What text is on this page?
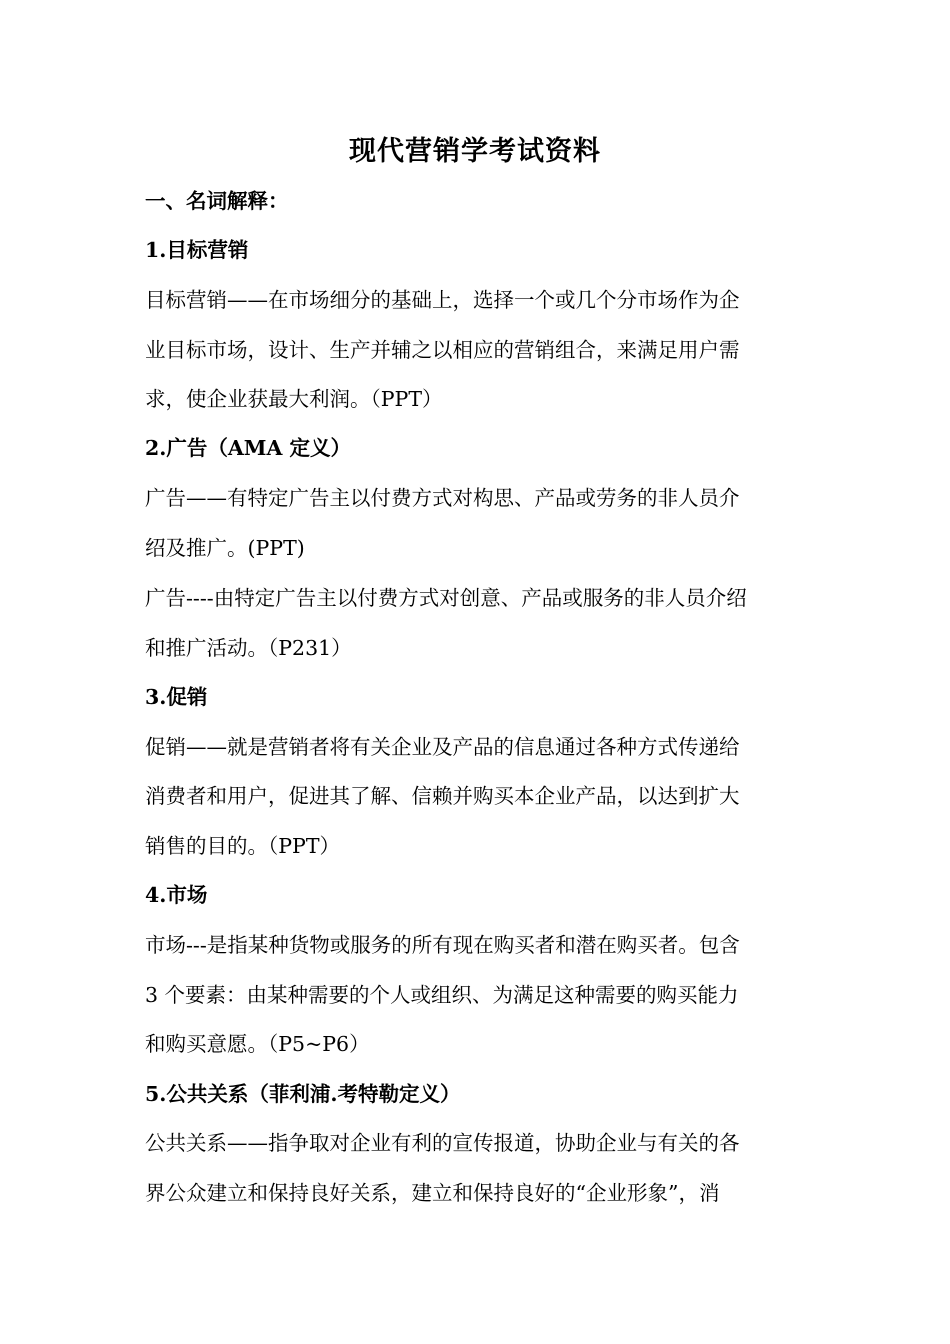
现代营销学考试资料
一、名词解释：
1.目标营销
目标营销——在市场细分的基础上，选择一个或几个分市场作为企
业目标市场，设计、生产并辅之以相应的营销组合，来满足用户需
求，使企业获最大利润。（PPT）
2.广告（AMA 定义）
广告——有特定广告主以付费方式对构思、产品或劳务的非人员介
绍及推广。(PPT)
广告----由特定广告主以付费方式对创意、产品或服务的非人员介绍
和推广活动。（P231）
3.促销
促销——就是营销者将有关企业及产品的信息通过各种方式传递给
消费者和用户，促进其了解、信赖并购买本企业产品，以达到扩大
销售的目的。（PPT）
4.市场
市场---是指某种货物或服务的所有现在购买者和潜在购买者。包含
3 个要素：由某种需要的个人或组织、为满足这种需要的购买能力
和购买意愿。（P5~P6）
5.公共关系（菲利浦.考特勒定义）
公共关系——指争取对企业有利的宣传报道，协助企业与有关的各
界公众建立和保持良好关系，建立和保持良好的“企业形象”，消
